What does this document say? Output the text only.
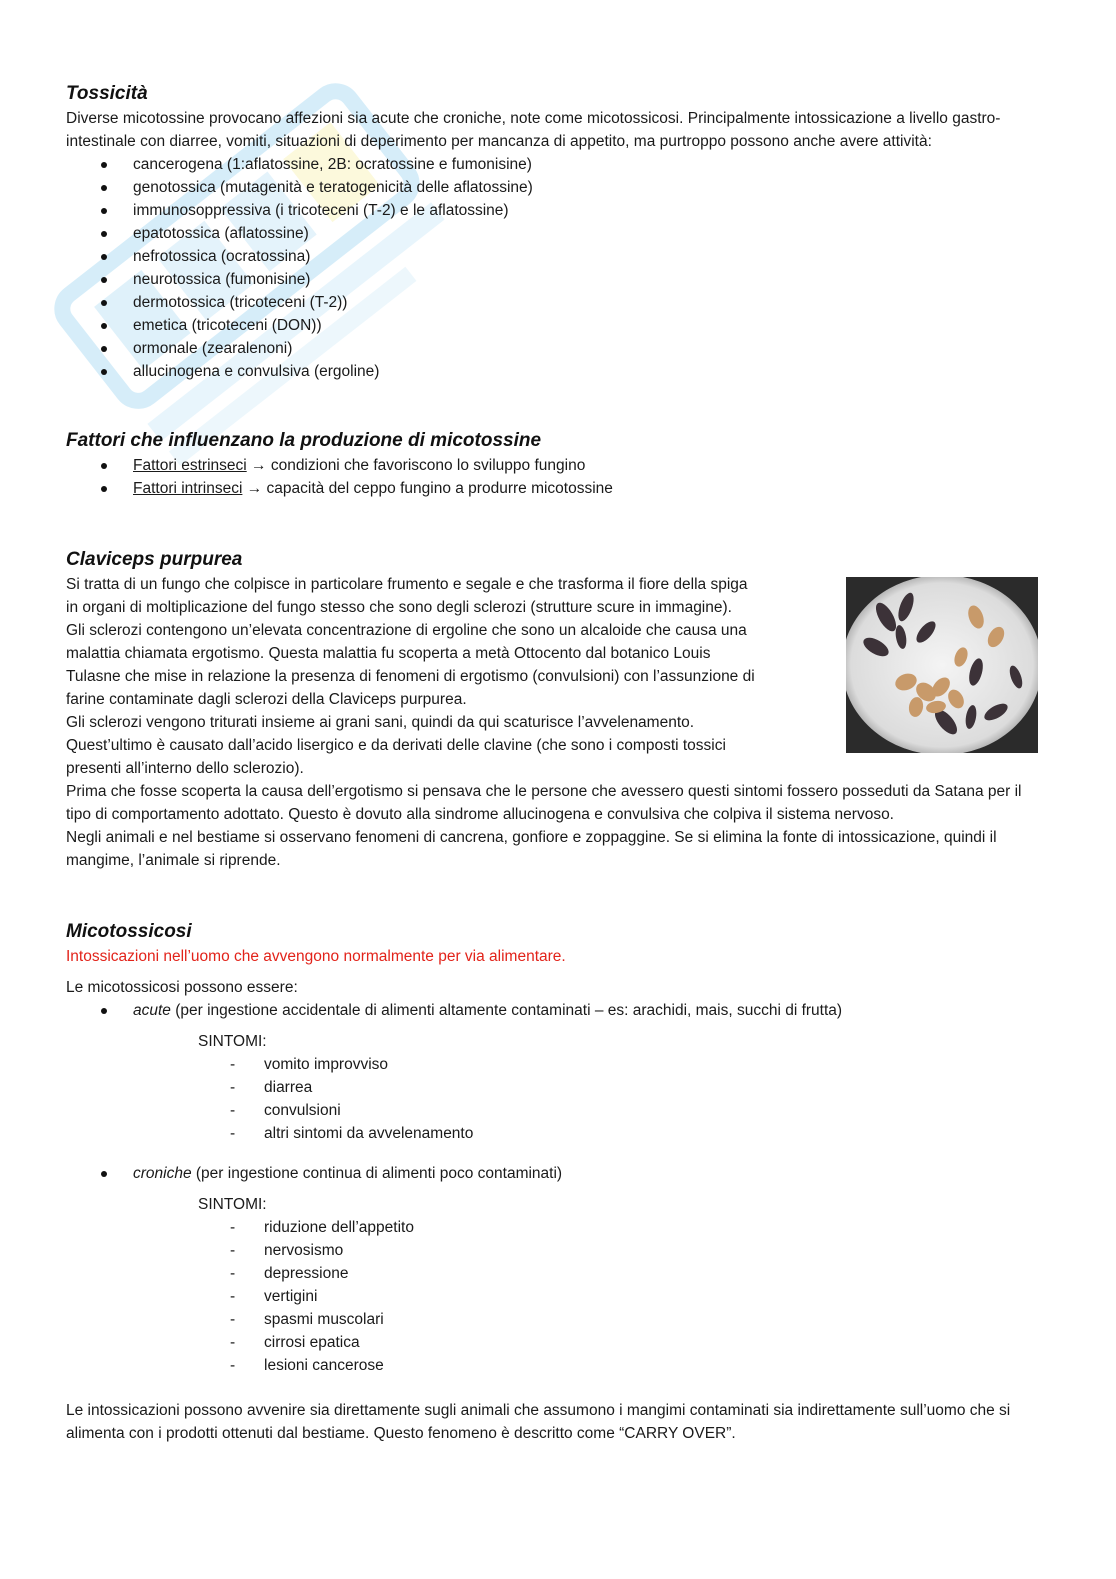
Tossicità

Diverse micotossine provocano affezioni sia acute che croniche, note come micotossicosi. Principalmente intossicazione a livello gastro-intestinale con diarree, vomiti, situazioni di deperimento per mancanza di appetito, ma purtroppo possono anche avere attività:

cancerogena (1:aflatossine, 2B: ocratossine e fumonisine)
genotossica (mutagenità e teratogenicità delle aflatossine)
immunosoppressiva (i tricoteceni (T-2) e le aflatossine)
epatotossica (aflatossine)
nefrotossica (ocratossina)
neurotossica (fumonisine)
dermotossica (tricoteceni (T-2))
emetica (tricoteceni (DON))
ormonale (zearalenoni)
allucinogena e convulsiva (ergoline)
Fattori che influenzano la produzione di micotossine
Fattori estrinseci → condizioni che favoriscono lo sviluppo fungino
Fattori intrinseci → capacità del ceppo fungino a produrre micotossine
Claviceps purpurea

Si tratta di un fungo che colpisce in particolare frumento e segale e che trasforma il fiore della spiga

in organi di moltiplicazione del fungo stesso che sono degli sclerozi (strutture scure in immagine).

Gli sclerozi contengono un’elevata concentrazione di ergoline che sono un alcaloide che causa una

malattia chiamata ergotismo. Questa malattia fu scoperta a metà Ottocento dal botanico Louis

Tulasne che mise in relazione la presenza di fenomeni di ergotismo (convulsioni) con l’assunzione di

farine contaminate dagli sclerozi della Claviceps purpurea.

Gli sclerozi vengono triturati insieme ai grani sani, quindi da qui scaturisce l’avvelenamento.

Quest’ultimo è causato dall’acido lisergico e da derivati delle clavine (che sono i composti tossici

presenti all’interno dello sclerozio).

Prima che fosse scoperta la causa dell’ergotismo si pensava che le persone che avessero questi sintomi fossero posseduti da Satana per il tipo di comportamento adottato. Questo è dovuto alla sindrome allucinogena e convulsiva che colpiva il sistema nervoso.

Negli animali e nel bestiame si osservano fenomeni di cancrena, gonfiore e zoppaggine. Se si elimina la fonte di intossicazione, quindi il mangime, l’animale si riprende.

Micotossicosi

Intossicazioni nell’uomo che avvengono normalmente per via alimentare.

Le micotossicosi possono essere:

acute (per ingestione accidentale di alimenti altamente contaminati – es: arachidi, mais, succhi di frutta)
SINTOMI:
- vomito improvviso
- diarrea
- convulsioni
- altri sintomi da avvelenamento
croniche (per ingestione continua di alimenti poco contaminati)
SINTOMI:
- riduzione dell’appetito
- nervosismo
- depressione
- vertigini
- spasmi muscolari
- cirrosi epatica
- lesioni cancerose

Le intossicazioni possono avvenire sia direttamente sugli animali che assumono i mangimi contaminati sia indirettamente sull’uomo che si alimenta con i prodotti ottenuti dal bestiame. Questo fenomeno è descritto come “CARRY OVER”.
